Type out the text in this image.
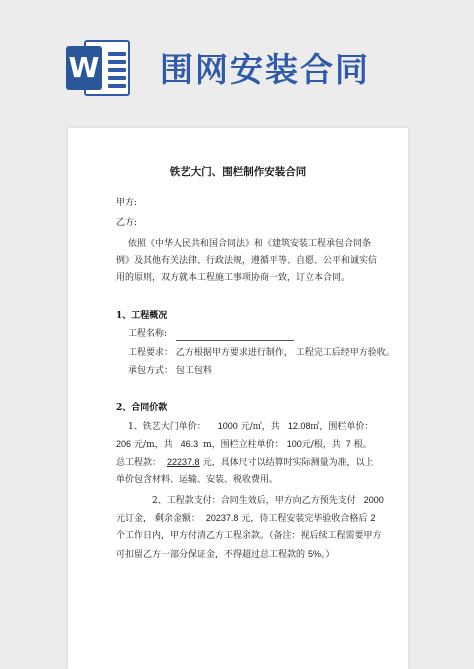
W 围网安装合同
铁艺大门、围栏制作安装合同
甲方:
乙方:
依照《中华人民共和国合同法》和《建筑安装工程承包合同条
例》及其他有关法律、行政法规，遵循平等、自愿、公平和诚实信
用的原则，双方就本工程施工事项协商一致，订立本合同。
1、工程概况
工程名称:
工程要求： 乙方根据甲方要求进行制作， 工程完工后经甲方验收。
承包方式： 包工包料
2、合同价款
1、铁艺大门单价： 1000 元/㎡，共 12.08㎡，围栏单价：
206 元/m，共 46.3 m，围栏立柱单价： 100元/根，共 7 根。
总工程款： 22237.8 元，具体尺寸以结算时实际测量为准，以上
单价包含材料、运输、安装、税收费用。
2、工程款支付：合同生效后，甲方向乙方预先支付 2000
元订金， 剩余金额： 20237.8 元，待工程安装完毕验收合格后 2
个工作日内，甲方付清乙方工程余款。（备注：视后续工程需要甲方
可扣留乙方一部分保证金，不得超过总工程款的 5%。）
